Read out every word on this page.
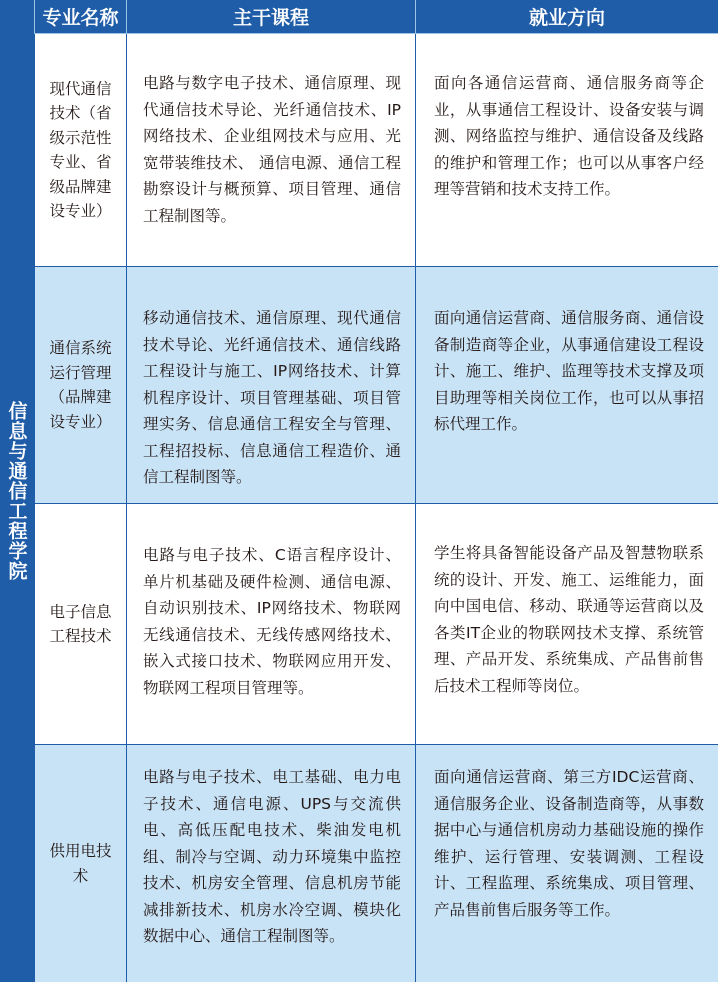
信息与通信工程学院
专业名称	主干课程	就业方向

现代通信技术（省级示范性专业、省级品牌建设专业）	电路与数字电子技术、通信原理、现代通信技术导论、光纤通信技术、IP网络技术、企业组网技术与应用、光宽带装维技术、 通信电源、通信工程勘察设计与概预算、项目管理、通信工程制图等。	面向各通信运营商、通信服务商等企业，从事通信工程设计、设备安装与调测、网络监控与维护、通信设备及线路的维护和管理工作；也可以从事客户经理等营销和技术支持工作。

通信系统运行管理（品牌建设专业）	移动通信技术、通信原理、现代通信技术导论、光纤通信技术、通信线路工程设计与施工、IP网络技术、计算机程序设计、项目管理基础、项目管理实务、信息通信工程安全与管理、工程招投标、信息通信工程造价、通信工程制图等。	面向通信运营商、通信服务商、通信设备制造商等企业，从事通信建设工程设计、施工、维护、监理等技术支撑及项目助理等相关岗位工作，也可以从事招标代理工作。

电子信息工程技术	电路与电子技术、C语言程序设计、单片机基础及硬件检测、通信电源、自动识别技术、IP网络技术、物联网无线通信技术、无线传感网络技术、嵌入式接口技术、物联网应用开发、物联网工程项目管理等。	学生将具备智能设备产品及智慧物联系统的设计、开发、施工、运维能力，面向中国电信、移动、联通等运营商以及各类IT企业的物联网技术支撑、系统管理、产品开发、系统集成、产品售前售后技术工程师等岗位。

供用电技术	电路与电子技术、电工基础、电力电子技术、通信电源、UPS与交流供电、高低压配电技术、柴油发电机组、制冷与空调、动力环境集中监控技术、机房安全管理、信息机房节能减排新技术、机房水冷空调、模块化数据中心、通信工程制图等。	面向通信运营商、第三方IDC运营商、通信服务企业、设备制造商等，从事数据中心与通信机房动力基础设施的操作维护、运行管理、安装调测、工程设计、工程监理、系统集成、项目管理、产品售前售后服务等工作。
